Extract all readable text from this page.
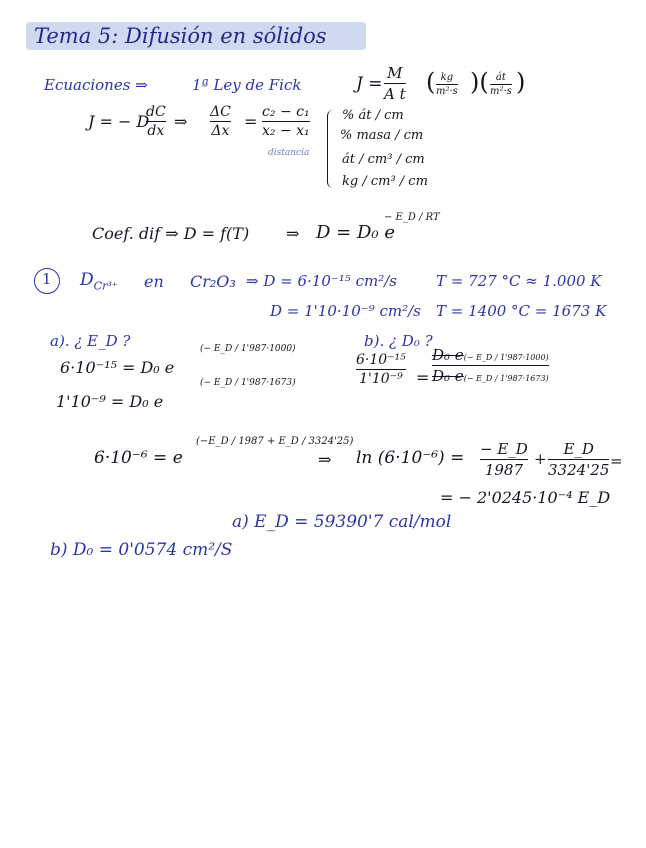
Tema 5: Difusión en sólidos
Ecuaciones ⇒	1ª Ley de Fick	J =
M
A t ( kg
m²·s )( át
m²·s )
J = − D
dC
dx ⇒ ΔC
Δx = c₂ − c₁
x₂ − x₁
distancia
% át / cm
% masa / cm
át / cm³ / cm
kg / cm³ / cm
Coef. dif ⇒ D = f(T) ⇒ D = D₀ e
− E_D / RT
1 $D_{Cr^{3+}}$ en Cr₂O₃ ⇒ D = 6·10⁻¹⁵ cm²/s	T = 727 °C ≈ 1.000 K
D = 1'10·10⁻⁹ cm²/s T = 1400 °C = 1673 K
a). ¿ E_D ?	b). ¿ D₀ ?
6·10⁻¹⁵ = D₀ e
(− E_D / 1'987·1000)
1'10⁻⁹ = D₀ e
(− E_D / 1'987·1673)
6·10⁻¹⁵
1'10⁻⁹ =
D₀ e(− E_D / 1'987·1000)
D₀ e(− E_D / 1'987·1673)
6·10⁻⁶ = e
(−E_D / 1987 + E_D / 3324'25)
⇒ ln (6·10⁻⁶) = − E_D
1987
+
E_D
3324'25 =
= − 2'0245·10⁻⁴ E_D
a) E_D = 59390'7 cal/mol
b) D₀ = 0'0574 cm²/S
